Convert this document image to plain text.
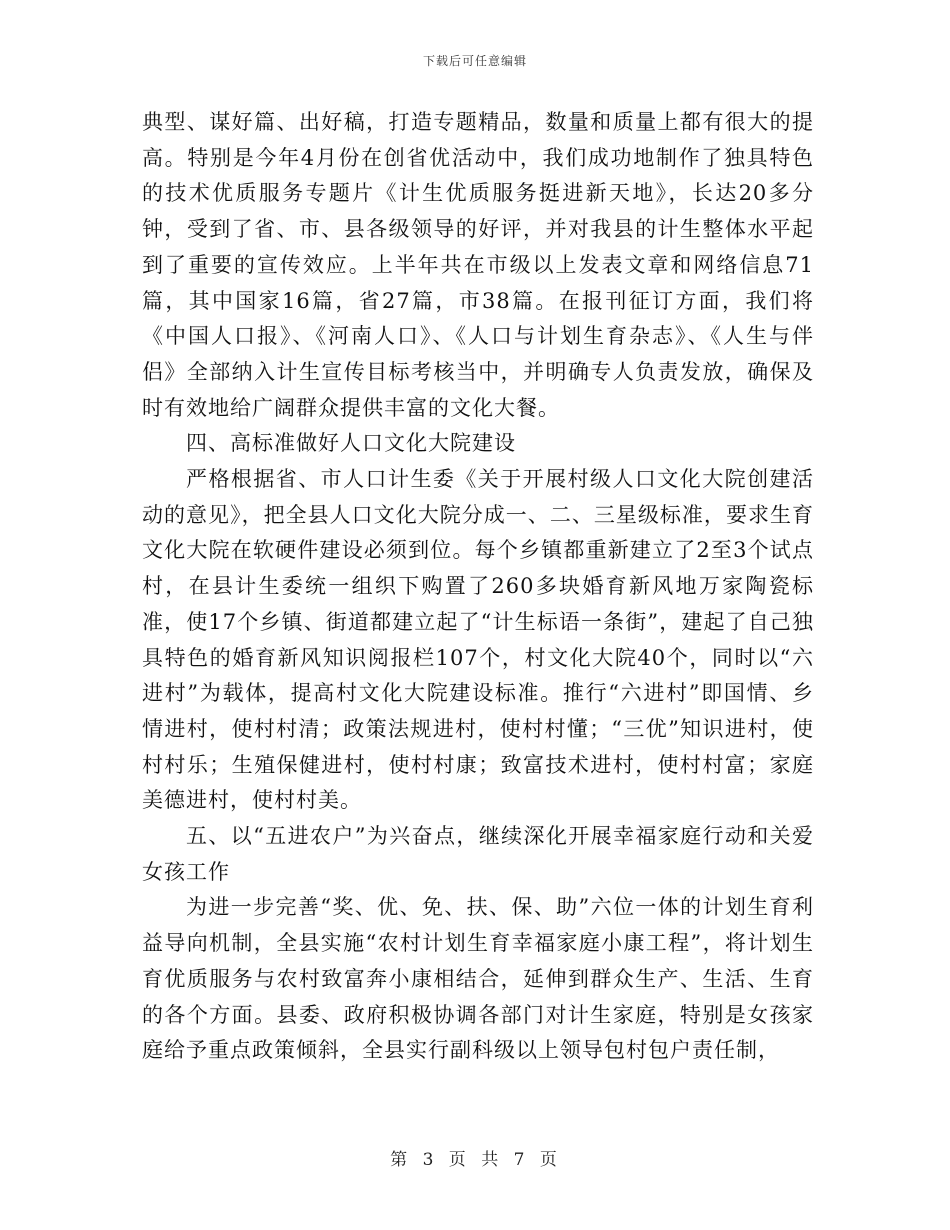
下载后可任意编辑

典型、谋好篇、出好稿，打造专题精品，数量和质量上都有很大的提高。特别是今年4月份在创省优活动中，我们成功地制作了独具特色的技术优质服务专题片《计生优质服务挺进新天地》，长达20多分钟，受到了省、市、县各级领导的好评，并对我县的计生整体水平起到了重要的宣传效应。上半年共在市级以上发表文章和网络信息71篇，其中国家16篇，省27篇，市38篇。在报刊征订方面，我们将《中国人口报》、《河南人口》、《人口与计划生育杂志》、《人生与伴侣》全部纳入计生宣传目标考核当中，并明确专人负责发放，确保及时有效地给广阔群众提供丰富的文化大餐。

四、高标准做好人口文化大院建设

严格根据省、市人口计生委《关于开展村级人口文化大院创建活动的意见》，把全县人口文化大院分成一、二、三星级标准，要求生育文化大院在软硬件建设必须到位。每个乡镇都重新建立了2至3个试点村，在县计生委统一组织下购置了260多块婚育新风地万家陶瓷标准，使17个乡镇、街道都建立起了“计生标语一条街”，建起了自己独具特色的婚育新风知识阅报栏107个，村文化大院40个，同时以“六进村”为载体，提高村文化大院建设标准。推行“六进村”即国情、乡情进村，使村村清；政策法规进村，使村村懂；“三优”知识进村，使村村乐；生殖保健进村，使村村康；致富技术进村，使村村富；家庭美德进村，使村村美。

五、以“五进农户”为兴奋点，继续深化开展幸福家庭行动和关爱女孩工作

为进一步完善“奖、优、免、扶、保、助”六位一体的计划生育利益导向机制，全县实施“农村计划生育幸福家庭小康工程”，将计划生育优质服务与农村致富奔小康相结合，延伸到群众生产、生活、生育的各个方面。县委、政府积极协调各部门对计生家庭，特别是女孩家庭给予重点政策倾斜，全县实行副科级以上领导包村包户责任制，

第 3 页 共 7 页
